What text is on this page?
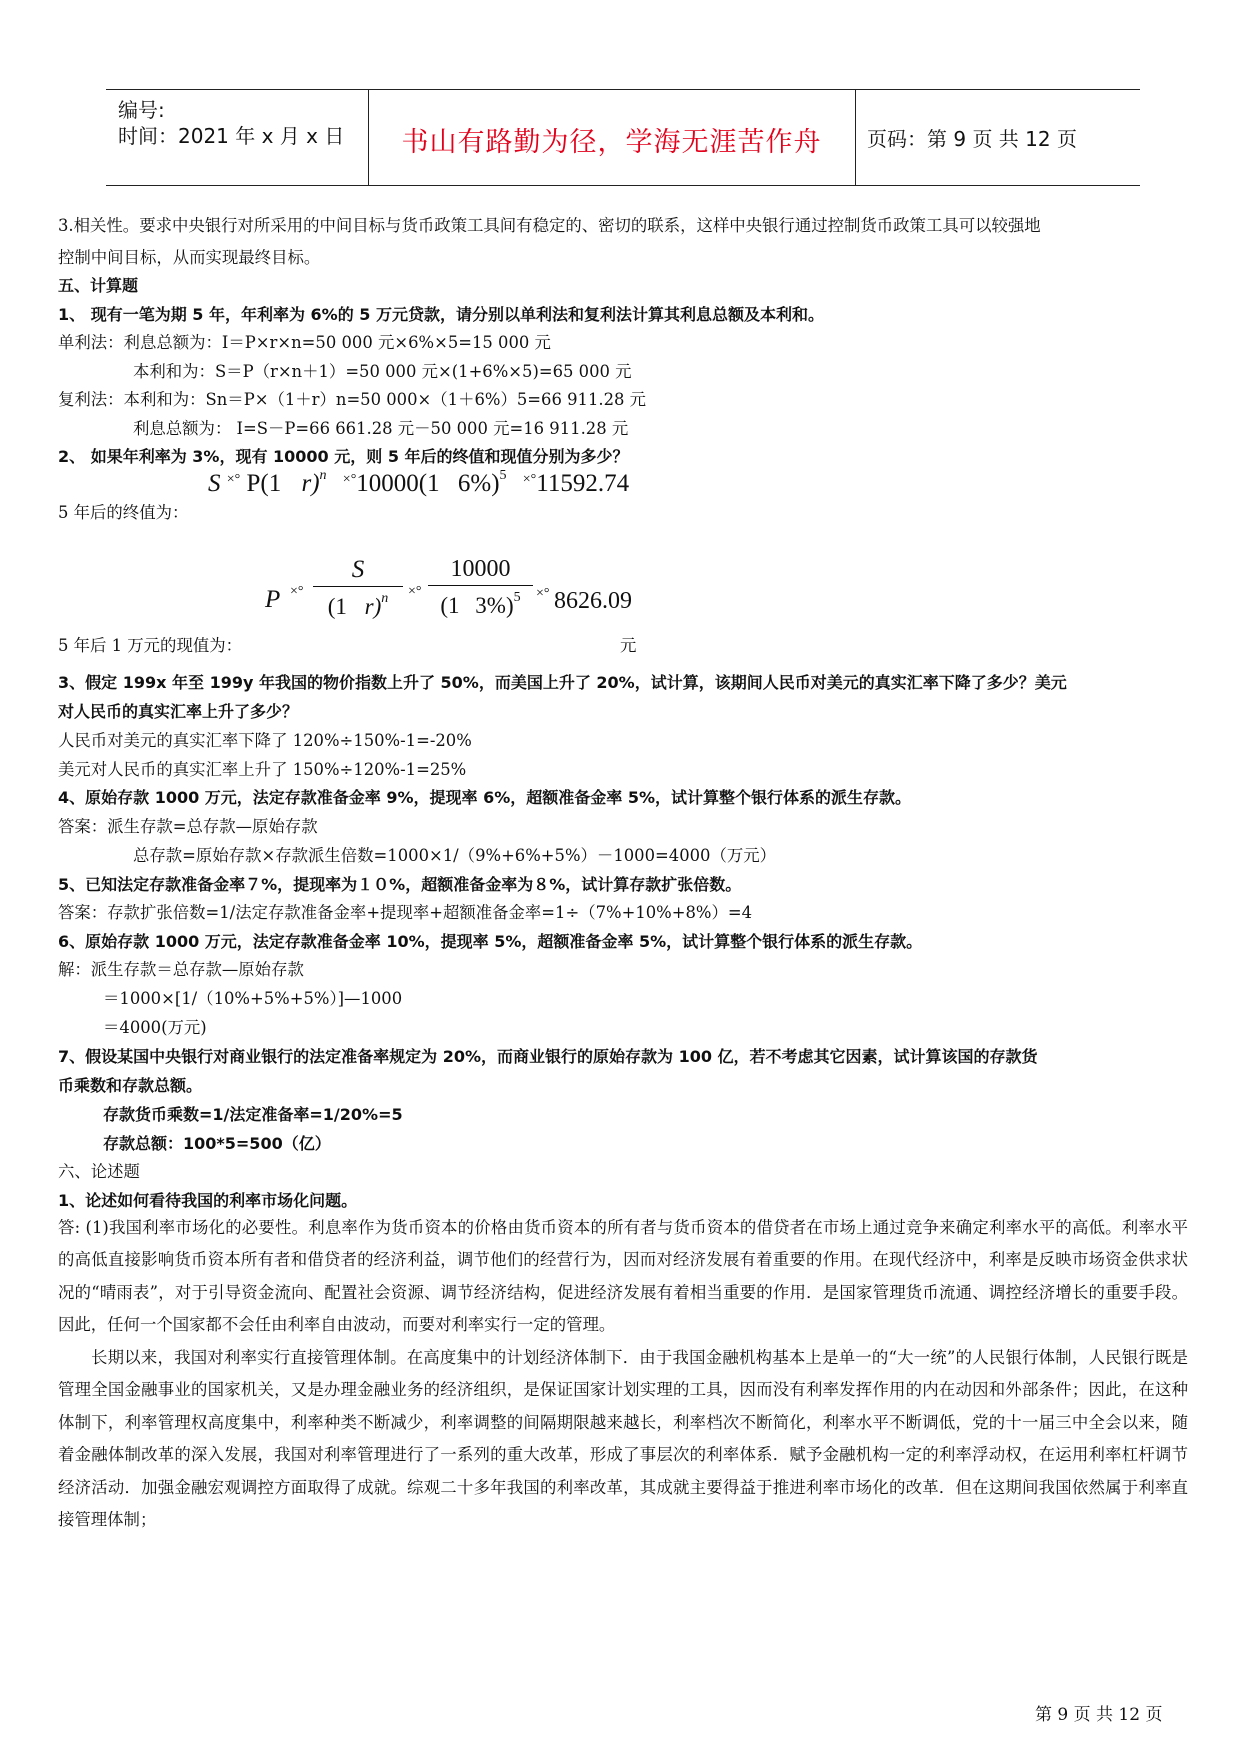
编号:
时间：2021 年 x 月 x 日	书山有路勤为径，学海无涯苦作舟	页码：第 9 页 共 12 页
3.相关性。要求中央银行对所采用的中间目标与货币政策工具间有稳定的、密切的联系，这样中央银行通过控制货币政策工具可以较强地
控制中间目标，从而实现最终目标。
五、计算题
1、 现有一笔为期 5 年，年利率为 6%的 5 万元贷款，请分别以单利法和复利法计算其利息总额及本利和。
单利法：利息总额为：I＝P×r×n=50 000 元×6%×5=15 000 元
本利和为：S＝P（r×n＋1）=50 000 元×(1+6%×5)=65 000 元
复利法：本利和为：Sn＝P×（1＋r）n=50 000×（1＋6%）5=66 911.28 元
利息总额为： I=S－P=66 661.28 元－50 000 元=16 911.28 元
2、 如果年利率为 3%，现有 10000 元，则 5 年后的终值和现值分别为多少？
5 年后的终值为：
S ×° P(1 r)$^n$ ×°10000(1 6%)$^5$ ×°11592.74
5 年后 1 万元的现值为：
P ×° $\frac{S}{(1 r)^n}$ ×° $\frac{10000}{(1 3\%)^5}$ ×° 8626.09
元
3、假定 199x 年至 199y 年我国的物价指数上升了 50%，而美国上升了 20%，试计算，该期间人民币对美元的真实汇率下降了多少？美元
对人民币的真实汇率上升了多少？
人民币对美元的真实汇率下降了 120%÷150%-1=-20%
美元对人民币的真实汇率上升了 150%÷120%-1=25%
4、原始存款 1000 万元，法定存款准备金率 9%，提现率 6%，超额准备金率 5%，试计算整个银行体系的派生存款。
答案：派生存款=总存款—原始存款
总存款=原始存款×存款派生倍数=1000×1/（9%+6%+5%）－1000=4000（万元）
5、已知法定存款准备金率７%，提现率为１０%，超额准备金率为８%，试计算存款扩张倍数。
答案：存款扩张倍数=1/法定存款准备金率+提现率+超额准备金率=1÷（7%+10%+8%）=4
6、原始存款 1000 万元，法定存款准备金率 10%，提现率 5%，超额准备金率 5%，试计算整个银行体系的派生存款。
解：派生存款＝总存款—原始存款
＝1000×[1/（10%+5%+5%）]—1000
＝4000(万元)
7、假设某国中央银行对商业银行的法定准备率规定为 20%，而商业银行的原始存款为 100 亿，若不考虑其它因素，试计算该国的存款货
币乘数和存款总额。
存款货币乘数=1/法定准备率=1/20%=5
存款总额：100*5=500（亿）
六、论述题
1、论述如何看待我国的利率市场化问题。
答: (1)我国利率市场化的必要性。利息率作为货币资本的价格由货币资本的所有者与货币资本的借贷者在市场上通过竞争来确定利率水平的高低。利率水平的高低直接影响货币资本所有者和借贷者的经济利益，调节他们的经营行为，因而对经济发展有着重要的作用。在现代经济中，利率是反映市场资金供求状况的“晴雨表”，对于引导资金流向、配置社会资源、调节经济结构，促进经济发展有着相当重要的作用．是国家管理货币流通、调控经济增长的重要手段。因此，任何一个国家都不会任由利率自由波动，而要对利率实行一定的管理。
长期以来，我国对利率实行直接管理体制。在高度集中的计划经济体制下．由于我国金融机构基本上是单一的“大一统”的人民银行体制，人民银行既是管理全国金融事业的国家机关，又是办理金融业务的经济组织，是保证国家计划实理的工具，因而没有利率发挥作用的内在动因和外部条件；因此，在这种体制下，利率管理权高度集中，利率种类不断减少，利率调整的间隔期限越来越长，利率档次不断简化，利率水平不断调低，党的十一届三中全会以来，随着金融体制改革的深入发展，我国对利率管理进行了一系列的重大改革，形成了事层次的利率体系．赋予金融机构一定的利率浮动权，在运用利率杠杆调节经济活动．加强金融宏观调控方面取得了成就。综观二十多年我国的利率改革，其成就主要得益于推进利率市场化的改革．但在这期间我国依然属于利率直接管理体制；
第 9 页 共 12 页
